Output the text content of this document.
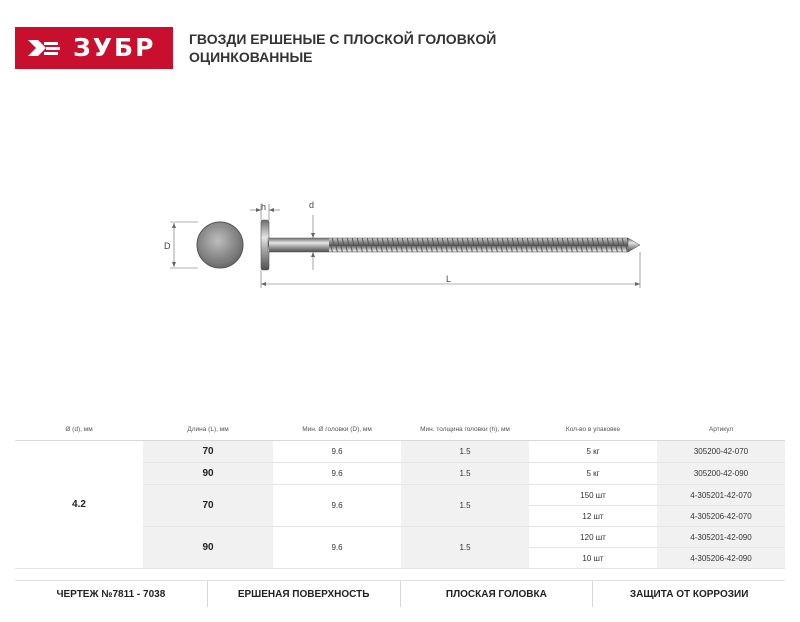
ЗУБР ГВОЗДИ ЕРШЕНЫЕ С ПЛОСКОЙ ГОЛОВКОЙ
ОЦИНКОВАННЫЕ
D
h	d
L
Ø (d), мм	Длина (L), мм	Мин. Ø головки (D), мм	Мин. толщина головки (h), мм	Кол-во в упаковке	Артикул
4.2	70	9.6	1.5	5 кг	305200-42-070
	90	9.6	1.5	5 кг	305200-42-090
	70	9.6	1.5	150 шт	4-305201-42-070
				12 шт	4-305206-42-070
	90	9.6	1.5	120 шт	4-305201-42-090
				10 шт	4-305206-42-090
ЧЕРТЕЖ №7811 - 7038	ЕРШЕНАЯ ПОВЕРХНОСТЬ	ПЛОСКАЯ ГОЛОВКА	ЗАЩИТА ОТ КОРРОЗИИ
